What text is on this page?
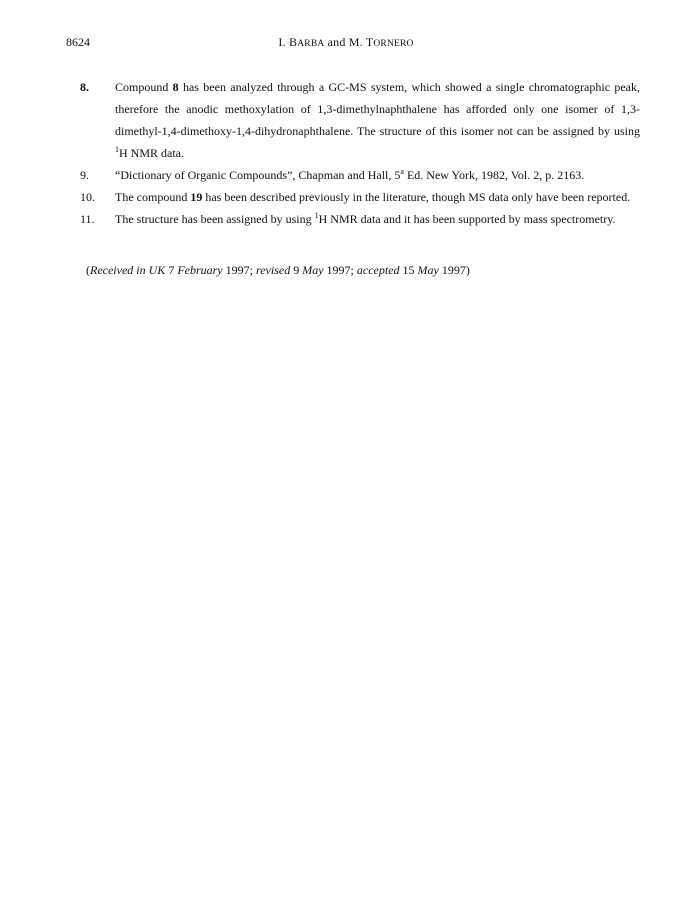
8624	I. BARBA and M. TORNERO
8.	Compound 8 has been analyzed through a GC-MS system, which showed a single chromatographic peak,
therefore the anodic methoxylation of 1,3-dimethylnaphthalene has afforded only one isomer of 1,3-
dimethyl-1,4-dimethoxy-1,4-dihydronaphthalene. The structure of this isomer not can be assigned by using
$^1$H NMR data.
9.	“Dictionary of Organic Compounds”, Chapman and Hall, 5$^a$ Ed. New York, 1982, Vol. 2, p. 2163.
10.	The compound 19 has been described previously in the literature, though MS data only have been reported.
11.	The structure has been assigned by using $^1$H NMR data and it has been supported by mass spectrometry.
(Received in UK 7 February 1997; revised 9 May 1997; accepted 15 May 1997)
